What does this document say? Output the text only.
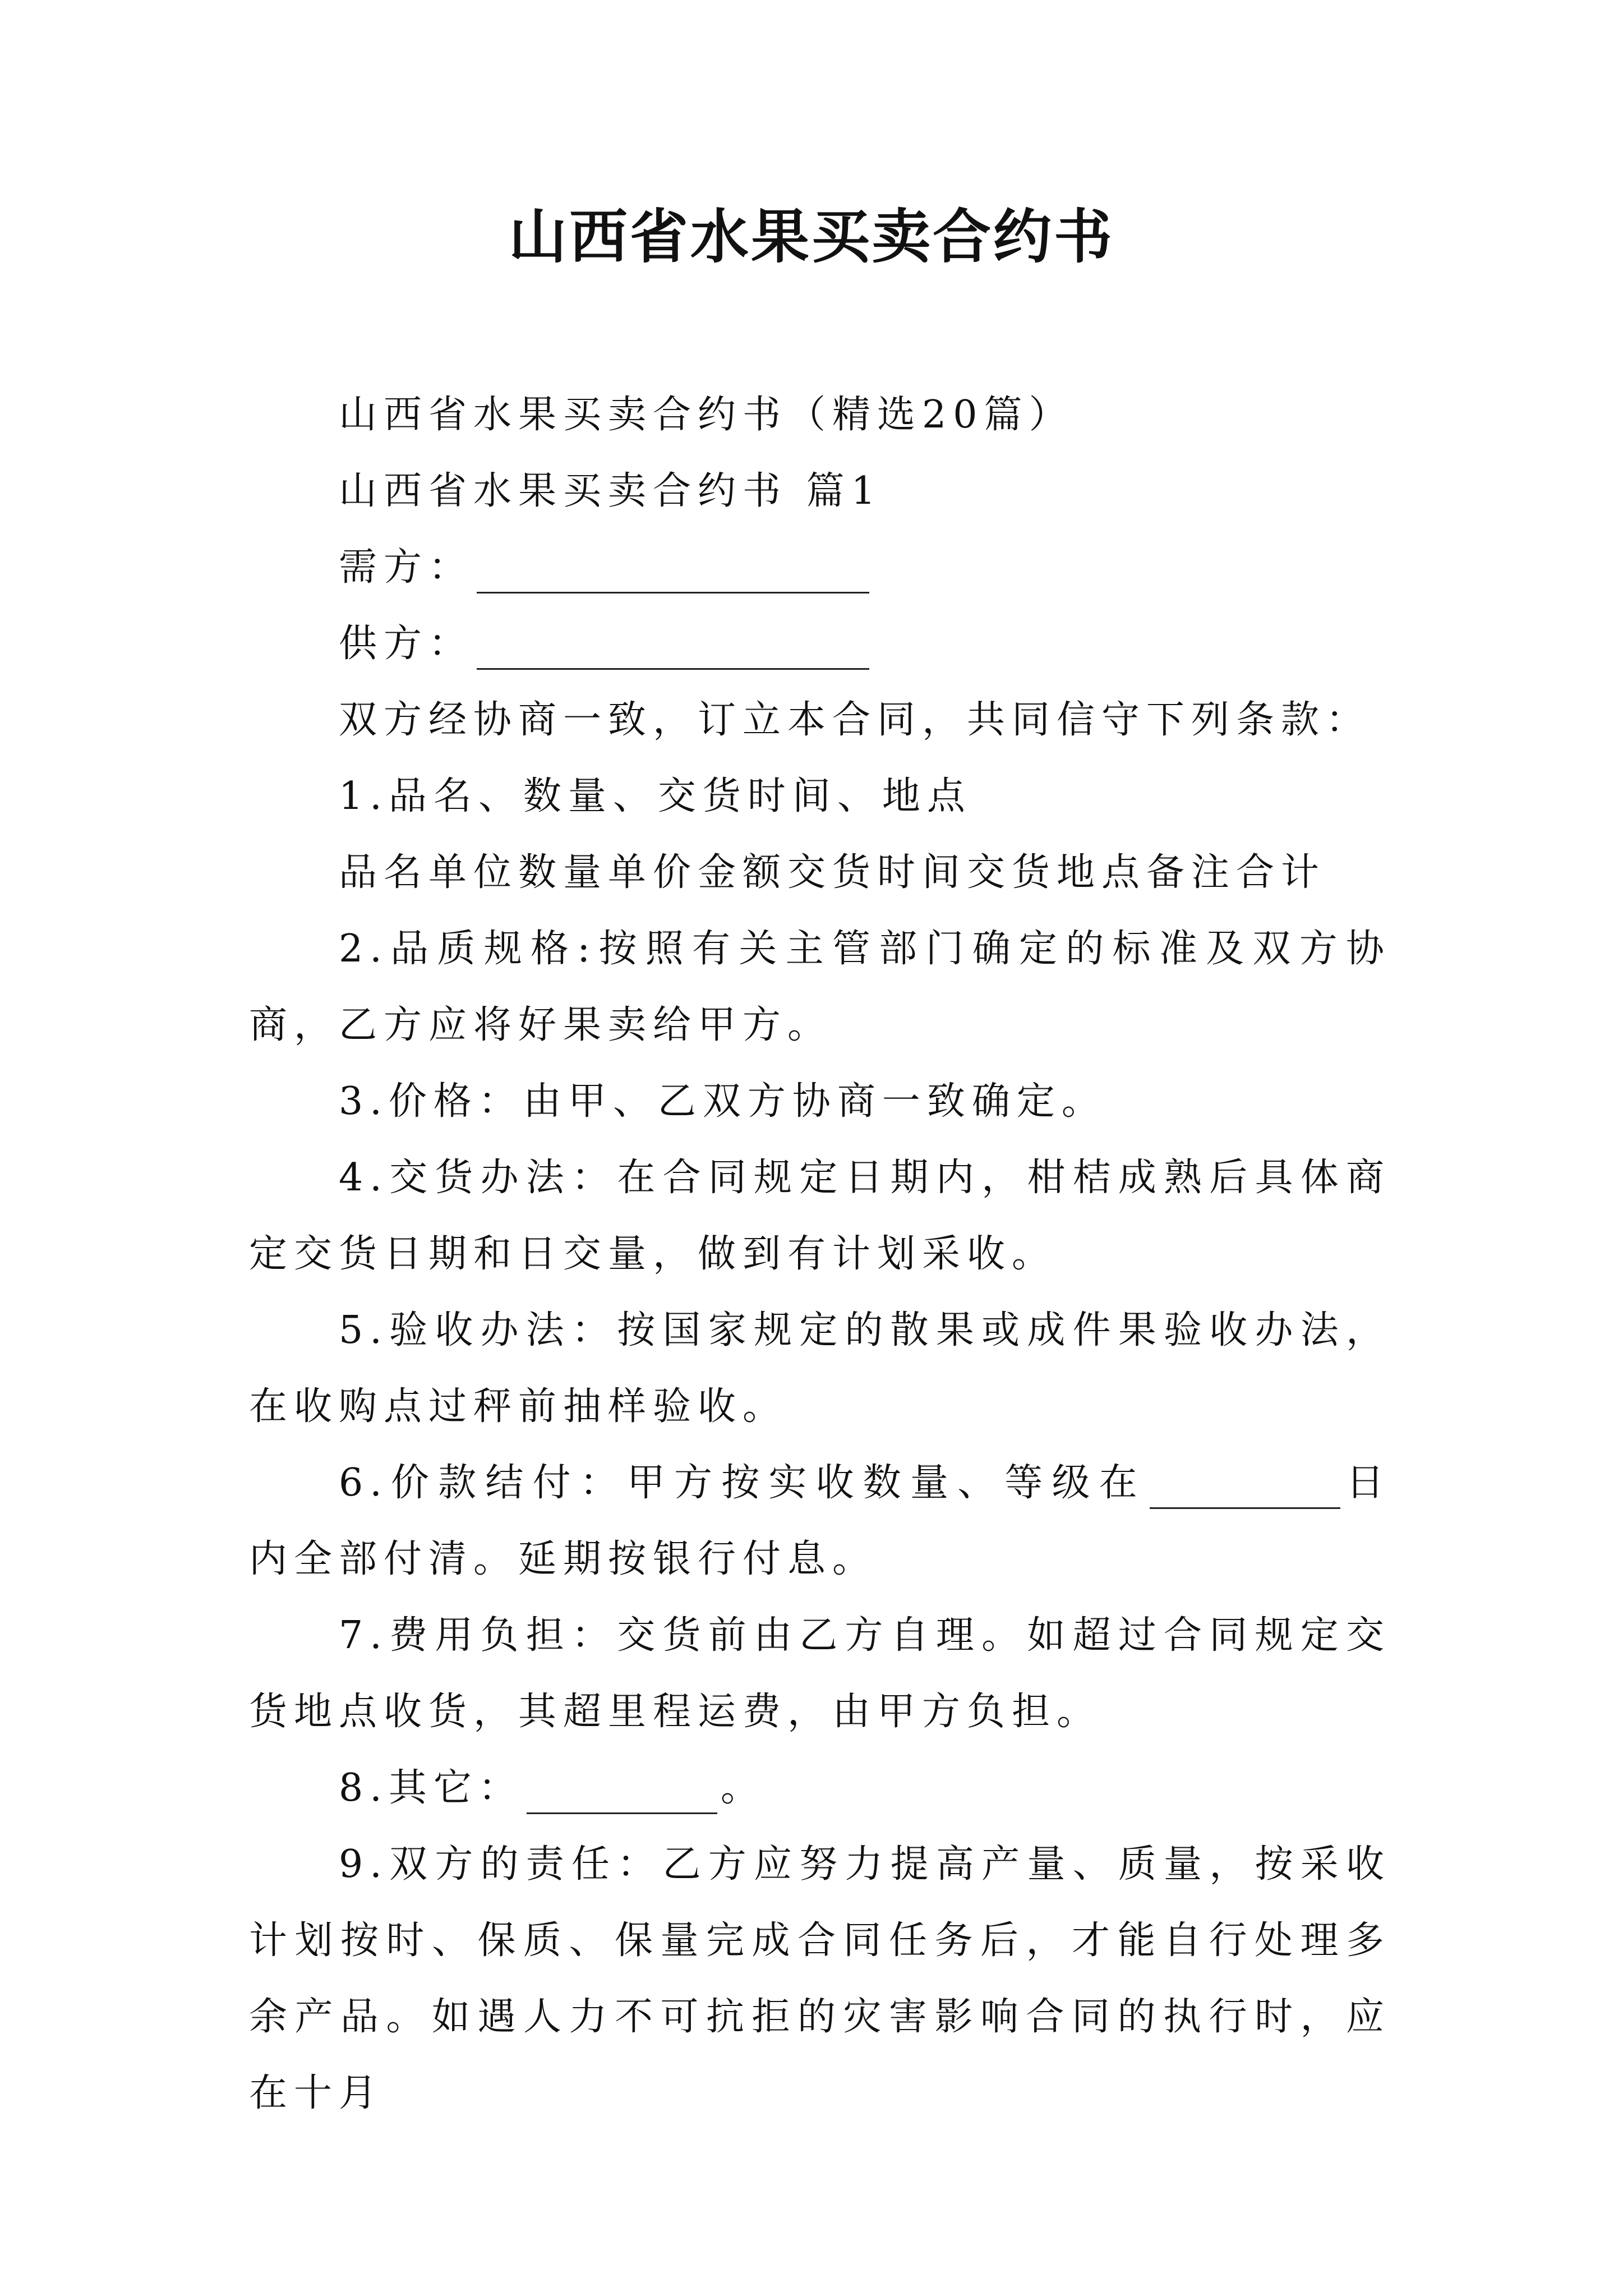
山西省水果买卖合约书

山西省水果买卖合约书（精选20篇）

山西省水果买卖合约书 篇1

需方：

供方：

双方经协商一致，订立本合同，共同信守下列条款：

1.品名、数量、交货时间、地点

品名单位数量单价金额交货时间交货地点备注合计

2.品质规格:按照有关主管部门确定的标准及双方协商，乙方应将好果卖给甲方。

3.价格：由甲、乙双方协商一致确定。

4.交货办法：在合同规定日期内，柑桔成熟后具体商定交货日期和日交量，做到有计划采收。

5.验收办法：按国家规定的散果或成件果验收办法，在收购点过秤前抽样验收。

6.价款结付：甲方按实收数量、等级在	日内全部付清。延期按银行付息。

7.费用负担：交货前由乙方自理。如超过合同规定交货地点收货，其超里程运费，由甲方负担。

8.其它：	。

9.双方的责任：乙方应努力提高产量、质量，按采收计划按时、保质、保量完成合同任务后，才能自行处理多余产品。如遇人力不可抗拒的灾害影响合同的执行时，应在十月
